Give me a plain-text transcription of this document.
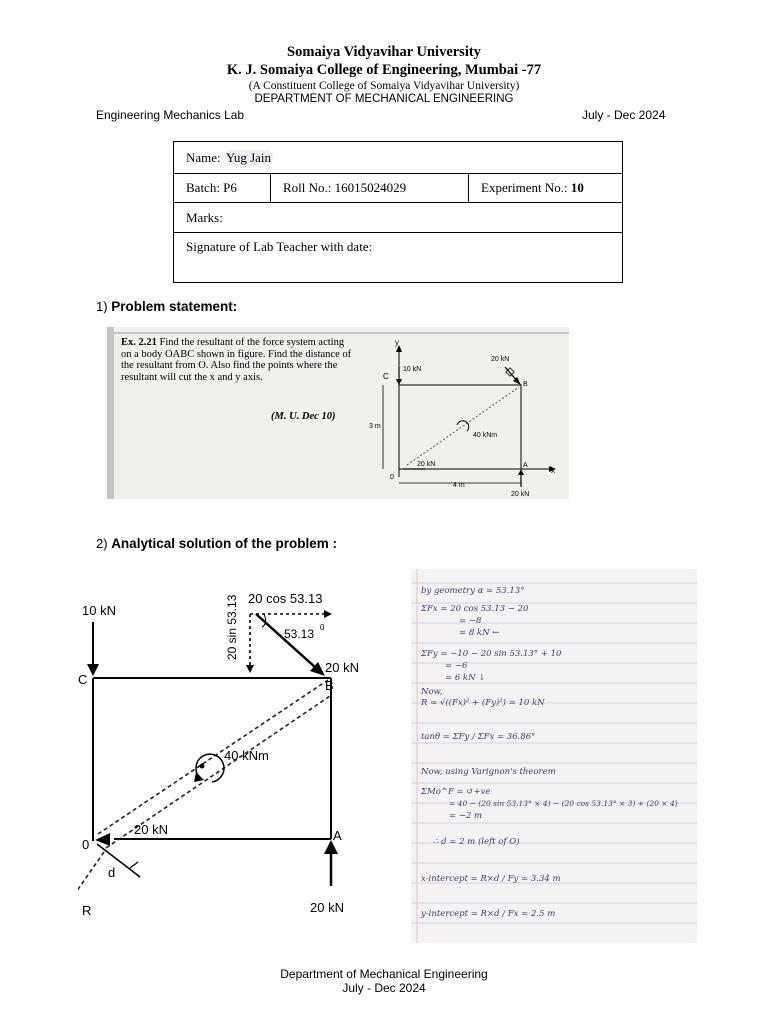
Somaiya Vidyavihar University
K. J. Somaiya College of Engineering, Mumbai -77
(A Constituent College of Somaiya Vidyavihar University)
DEPARTMENT OF MECHANICAL ENGINEERING
Engineering Mechanics Lab	July - Dec 2024
Name: Yug Jain
Batch: P6	Roll No.: 16015024029	Experiment No.: 10
Marks:
Signature of Lab Teacher with date:
1) Problem statement:
y
x
C
B
A
0
10 kN
20 kN
40 kNm
20 kN
20 kN
3 m
4 m
Ex. 2.21 Find the resultant of the force system acting on a body OABC shown in figure. Find the distance of the resultant from O. Also find the points where the resultant will cut the x and y axis.
(M. U. Dec 10)
2) Analytical solution of the problem :
10 kN
C
20 cos 53.13
20 sin 53.13	53.13 0
20 kN
B
40 kNm
0
20 kN	A
20 kN
d
R
by geometry α = 53.13°
ΣFx = 20 cos 53.13 − 20
= −8
= 8 kN ←
ΣFy = −10 − 20 sin 53.13° + 10
= −6
= 6 kN ↓
Now,
R = √((Fx)² + (Fy)²) = 10 kN
tanθ = ΣFy / ΣFx = 36.86°
Now, using Varignon's theorem
ΣMo^F = ↺+ve
= 40 − (20 sin 53.13° × 4) − (20 cos 53.13° × 3) + (20 × 4)
= −2 m
∴ d = 2 m (left of O)
x-intercept = R×d / Fy = 3.34 m
y-intercept = R×d / Fx = 2.5 m
Department of Mechanical Engineering
July - Dec 2024
